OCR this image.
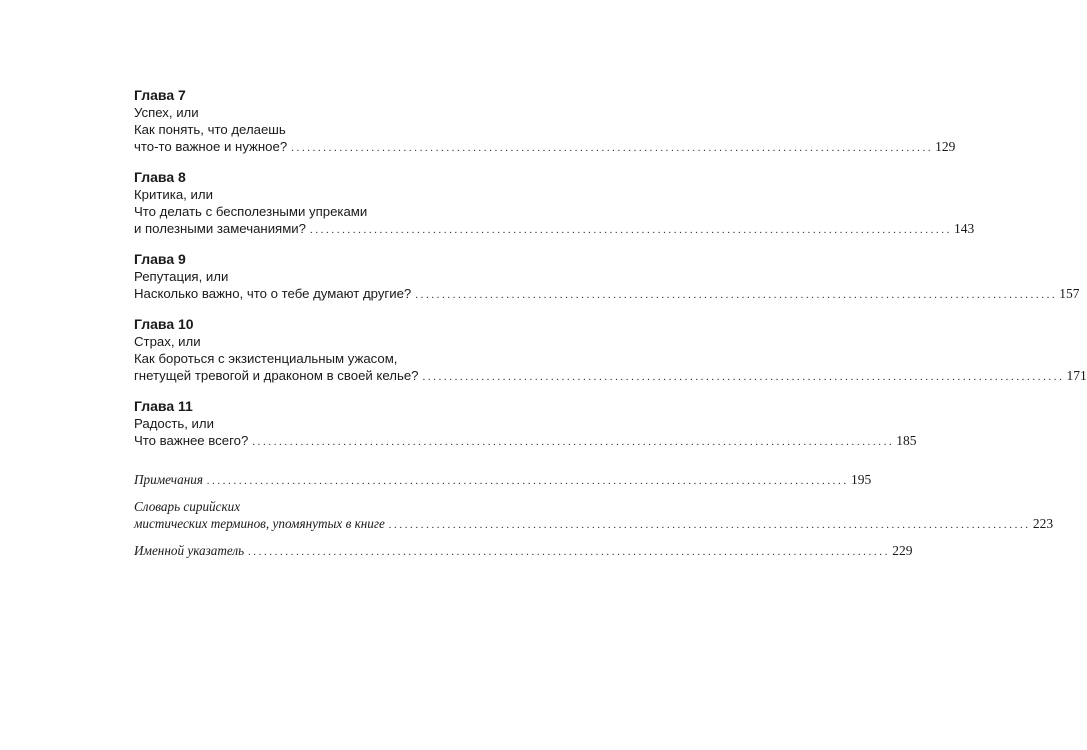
Глава 7
Успех, или
Как понять, что делаешь
что-то важное и нужное? ........................................................................................................................ 129
Глава 8
Критика, или
Что делать с бесполезными упреками
и полезными замечаниями? ........................................................................................................................ 143
Глава 9
Репутация, или
Насколько важно, что о тебе думают другие? ........................................................................................................................ 157
Глава 10
Страх, или
Как бороться с экзистенциальным ужасом,
гнетущей тревогой и драконом в своей келье? ........................................................................................................................ 171
Глава 11
Радость, или
Что важнее всего? ........................................................................................................................ 185
Примечания ........................................................................................................................ 195
Словарь сирийских
мистических терминов, упомянутых в книге ........................................................................................................................ 223
Именной указатель ........................................................................................................................ 229
